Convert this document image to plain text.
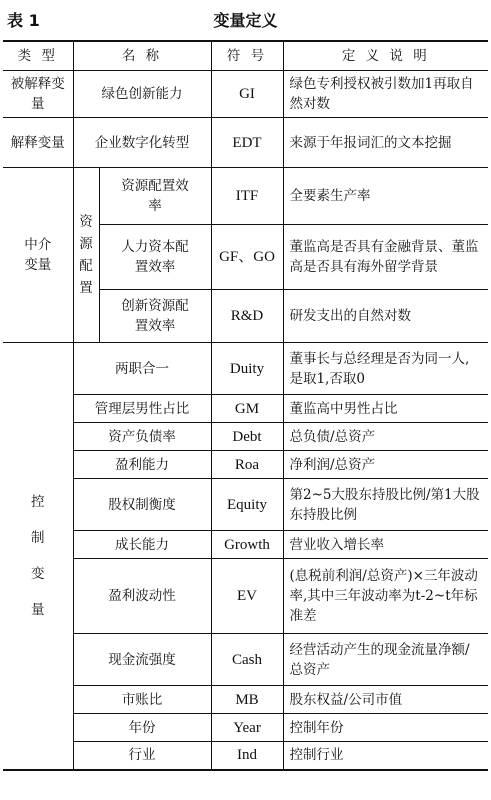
表 1	变量定义
类 型	名 称		符 号	定 义 说 明
被解释变量	绿色创新能力		GI	绿色专利授权被引数加1再取自然对数
解释变量	企业数字化转型		EDT	来源于年报词汇的文本挖掘
中介变量	资源配置	资源配置效率	ITF	全要素生产率
		人力资本配置效率	GF、GO	董监高是否具有金融背景、董监高是否具有海外留学背景
		创新资源配置效率	R&D	研发支出的自然对数
控制变量	两职合一		Duity	董事长与总经理是否为同一人,是取1,否取0
	管理层男性占比		GM	董监高中男性占比
	资产负债率		Debt	总负债/总资产
	盈利能力		Roa	净利润/总资产
	股权制衡度		Equity	第2~5大股东持股比例/第1大股东持股比例
	成长能力		Growth	营业收入增长率
	盈利波动性		EV	(息税前利润/总资产)×三年波动率,其中三年波动率为t-2~t年标准差
	现金流强度		Cash	经营活动产生的现金流量净额/总资产
	市账比		MB	股东权益/公司市值
	年份		Year	控制年份
	行业		Ind	控制行业
